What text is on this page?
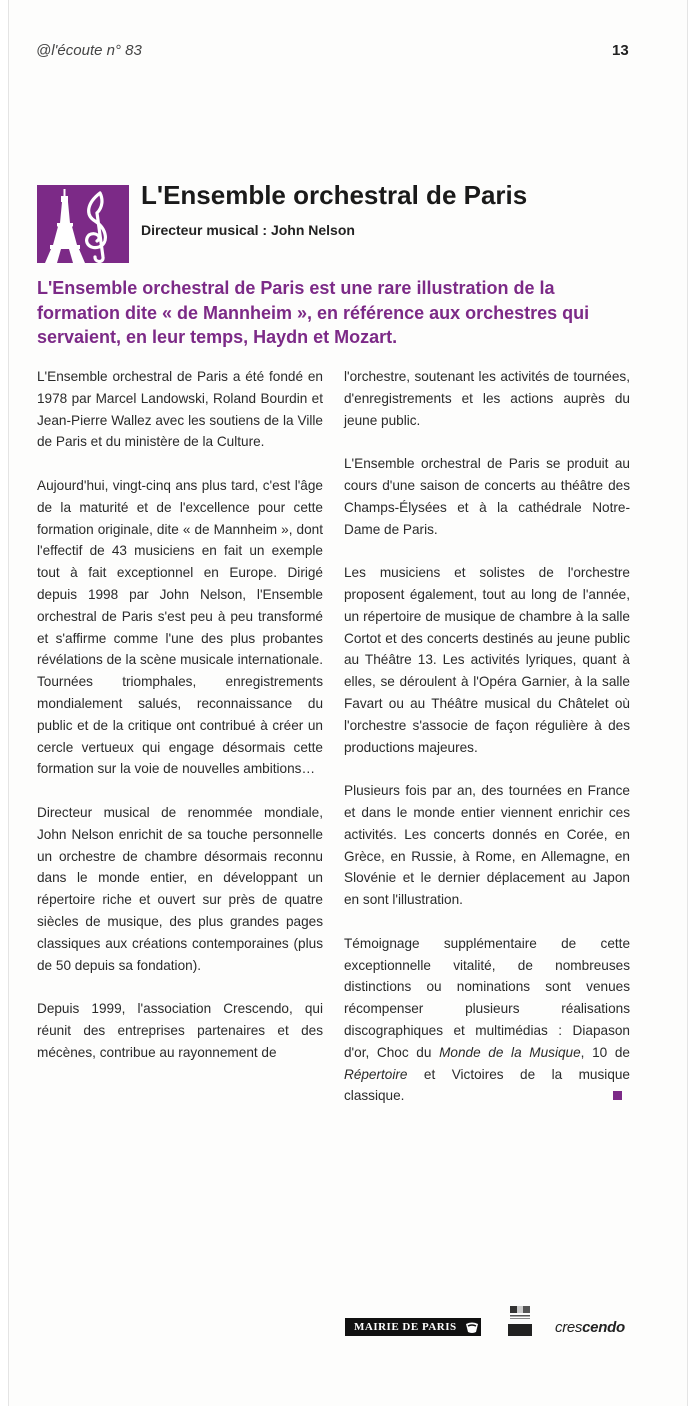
@l'écoute n° 83	13
L'Ensemble orchestral de Paris
Directeur musical : John Nelson
L'Ensemble orchestral de Paris est une rare illustration de la formation dite « de Mannheim », en référence aux orchestres qui servaient, en leur temps, Haydn et Mozart.

L'Ensemble orchestral de Paris a été fondé en 1978 par Marcel Landowski, Roland Bourdin et Jean-Pierre Wallez avec les soutiens de la Ville de Paris et du ministère de la Culture.

Aujourd'hui, vingt-cinq ans plus tard, c'est l'âge de la maturité et de l'excellence pour cette formation originale, dite « de Mannheim », dont l'effectif de 43 musiciens en fait un exemple tout à fait exceptionnel en Europe. Dirigé depuis 1998 par John Nelson, l'Ensemble orchestral de Paris s'est peu à peu transformé et s'affirme comme l'une des plus probantes révélations de la scène musicale internationale. Tournées triomphales, enregistrements mondialement salués, reconnaissance du public et de la critique ont contribué à créer un cercle vertueux qui engage désormais cette formation sur la voie de nouvelles ambitions…

Directeur musical de renommée mondiale, John Nelson enrichit de sa touche personnelle un orchestre de chambre désormais reconnu dans le monde entier, en développant un répertoire riche et ouvert sur près de quatre siècles de musique, des plus grandes pages classiques aux créations contemporaines (plus de 50 depuis sa fondation).

Depuis 1999, l'association Crescendo, qui réunit des entreprises partenaires et des mécènes, contribue au rayonnement de

l'orchestre, soutenant les activités de tournées, d'enregistrements et les actions auprès du jeune public.

L'Ensemble orchestral de Paris se produit au cours d'une saison de concerts au théâtre des Champs-Élysées et à la cathédrale Notre-Dame de Paris.

Les musiciens et solistes de l'orchestre proposent également, tout au long de l'année, un répertoire de musique de chambre à la salle Cortot et des concerts destinés au jeune public au Théâtre 13. Les activités lyriques, quant à elles, se déroulent à l'Opéra Garnier, à la salle Favart ou au Théâtre musical du Châtelet où l'orchestre s'associe de façon régulière à des productions majeures.

Plusieurs fois par an, des tournées en France et dans le monde entier viennent enrichir ces activités. Les concerts donnés en Corée, en Grèce, en Russie, à Rome, en Allemagne, en Slovénie et le dernier déplacement au Japon en sont l'illustration.

Témoignage supplémentaire de cette exceptionnelle vitalité, de nombreuses distinctions ou nominations sont venues récompenser plusieurs réalisations discographiques et multimédias : Diapason d'or, Choc du Monde de la Musique, 10 de Répertoire et Victoires de la musique classique.

MAIRIE DE PARIS	crescendo
